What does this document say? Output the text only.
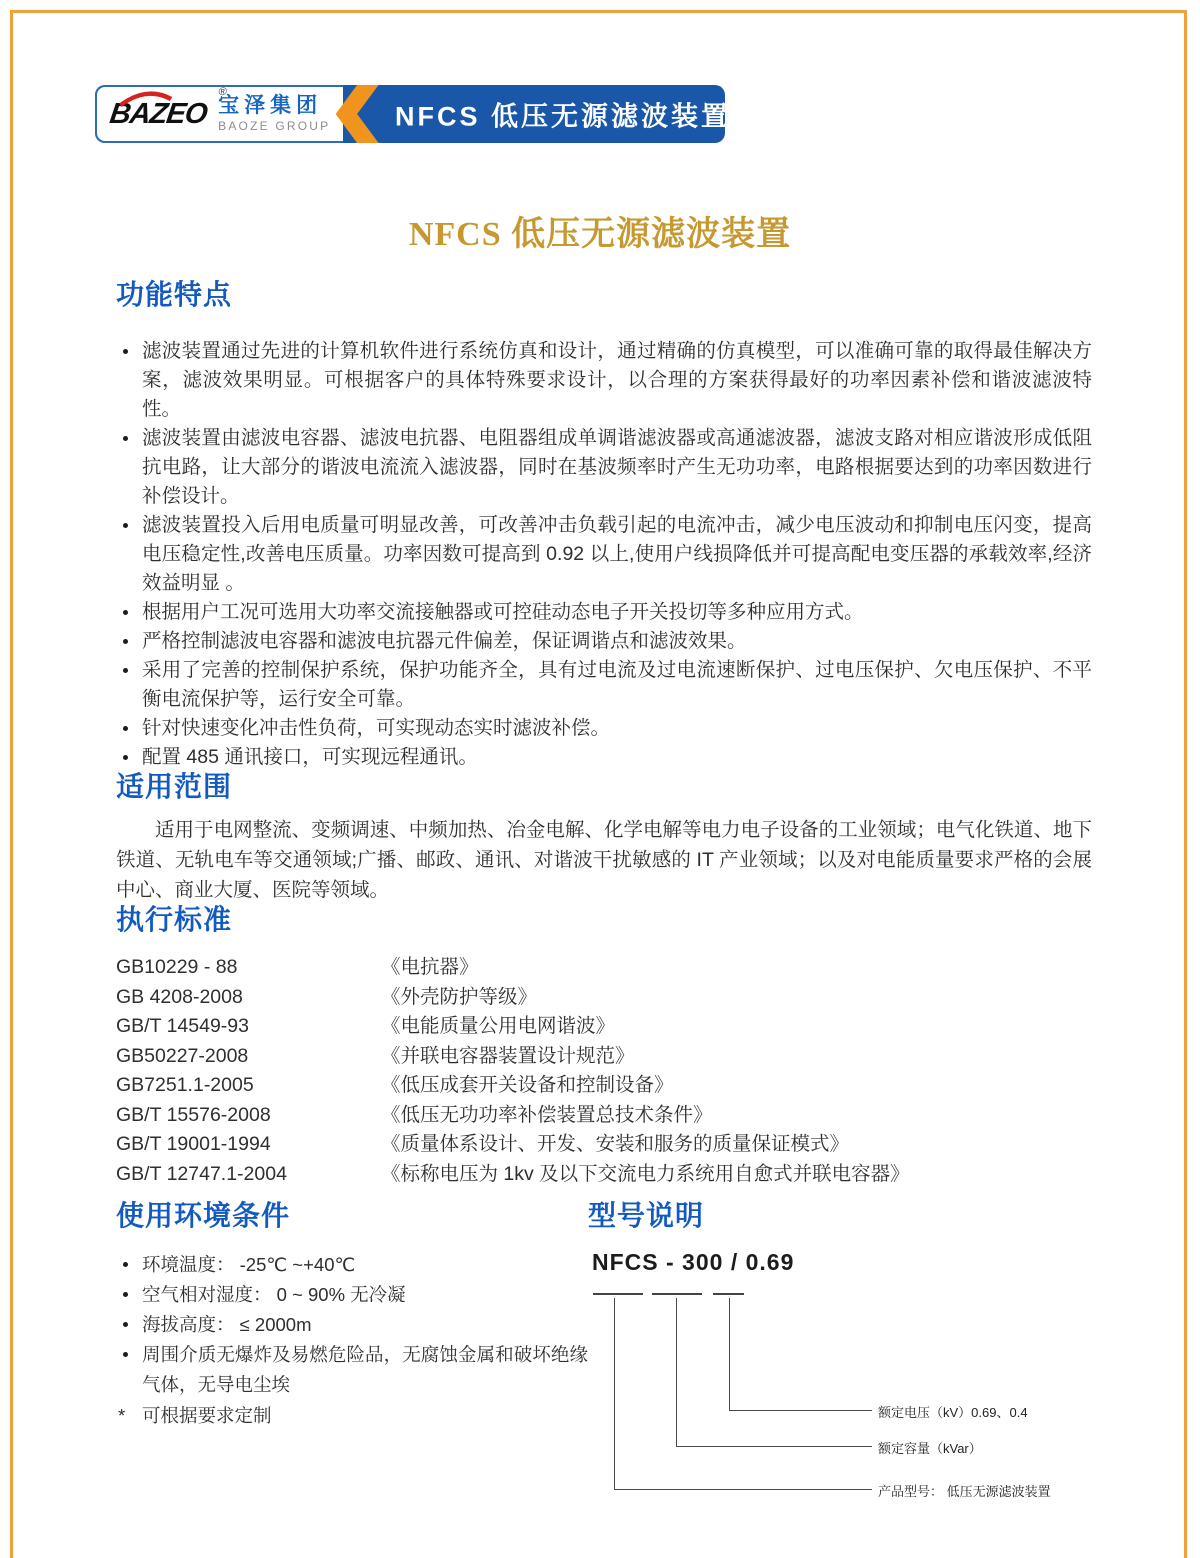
BAZEO
®
宝泽集团
BAOZE GROUP NFCS 低压无源滤波装置
NFCS 低压无源滤波装置
功能特点
滤波装置通过先进的计算机软件进行系统仿真和设计，通过精确的仿真模型，可以准确可靠的取得最佳解决方案，滤波效果明显。可根据客户的具体特殊要求设计，以合理的方案获得最好的功率因素补偿和谐波滤波特性。
滤波装置由滤波电容器、滤波电抗器、电阻器组成单调谐滤波器或高通滤波器，滤波支路对相应谐波形成低阻抗电路，让大部分的谐波电流流入滤波器，同时在基波频率时产生无功功率，电路根据要达到的功率因数进行补偿设计。
滤波装置投入后用电质量可明显改善，可改善冲击负载引起的电流冲击，减少电压波动和抑制电压闪变，提高电压稳定性,改善电压质量。功率因数可提高到 0.92 以上,使用户线损降低并可提高配电变压器的承载效率,经济效益明显 。
根据用户工况可选用大功率交流接触器或可控硅动态电子开关投切等多种应用方式。
严格控制滤波电容器和滤波电抗器元件偏差，保证调谐点和滤波效果。
采用了完善的控制保护系统，保护功能齐全，具有过电流及过电流速断保护、过电压保护、欠电压保护、不平衡电流保护等，运行安全可靠。
针对快速变化冲击性负荷，可实现动态实时滤波补偿。
配置 485 通讯接口，可实现远程通讯。
适用范围

适用于电网整流、变频调速、中频加热、冶金电解、化学电解等电力电子设备的工业领域；电气化铁道、地下铁道、无轨电车等交通领域;广播、邮政、通讯、对谐波干扰敏感的 IT 产业领域；以及对电能质量要求严格的会展中心、商业大厦、医院等领域。

执行标准
GB10229 - 88	《电抗器》
GB 4208-2008	《外壳防护等级》
GB/T 14549-93	《电能质量公用电网谐波》
GB50227-2008	《并联电容器装置设计规范》
GB7251.1-2005	《低压成套开关设备和控制设备》
GB/T 15576-2008	《低压无功功率补偿装置总技术条件》
GB/T 19001-1994	《质量体系设计、开发、安装和服务的质量保证模式》
GB/T 12747.1-2004	《标称电压为 1kv 及以下交流电力系统用自愈式并联电容器》
使用环境条件
环境温度： -25℃ ~+40℃
空气相对湿度： 0 ~ 90% 无冷凝
海拔高度： ≤ 2000m
周围介质无爆炸及易燃危险品，无腐蚀金属和破坏绝缘气体，无导电尘埃
* 可根据要求定制
型号说明
NFCS - 300 / 0.69
额定电压（kV）0.69、0.4
额定容量（kVar）
产品型号： 低压无源滤波装置
